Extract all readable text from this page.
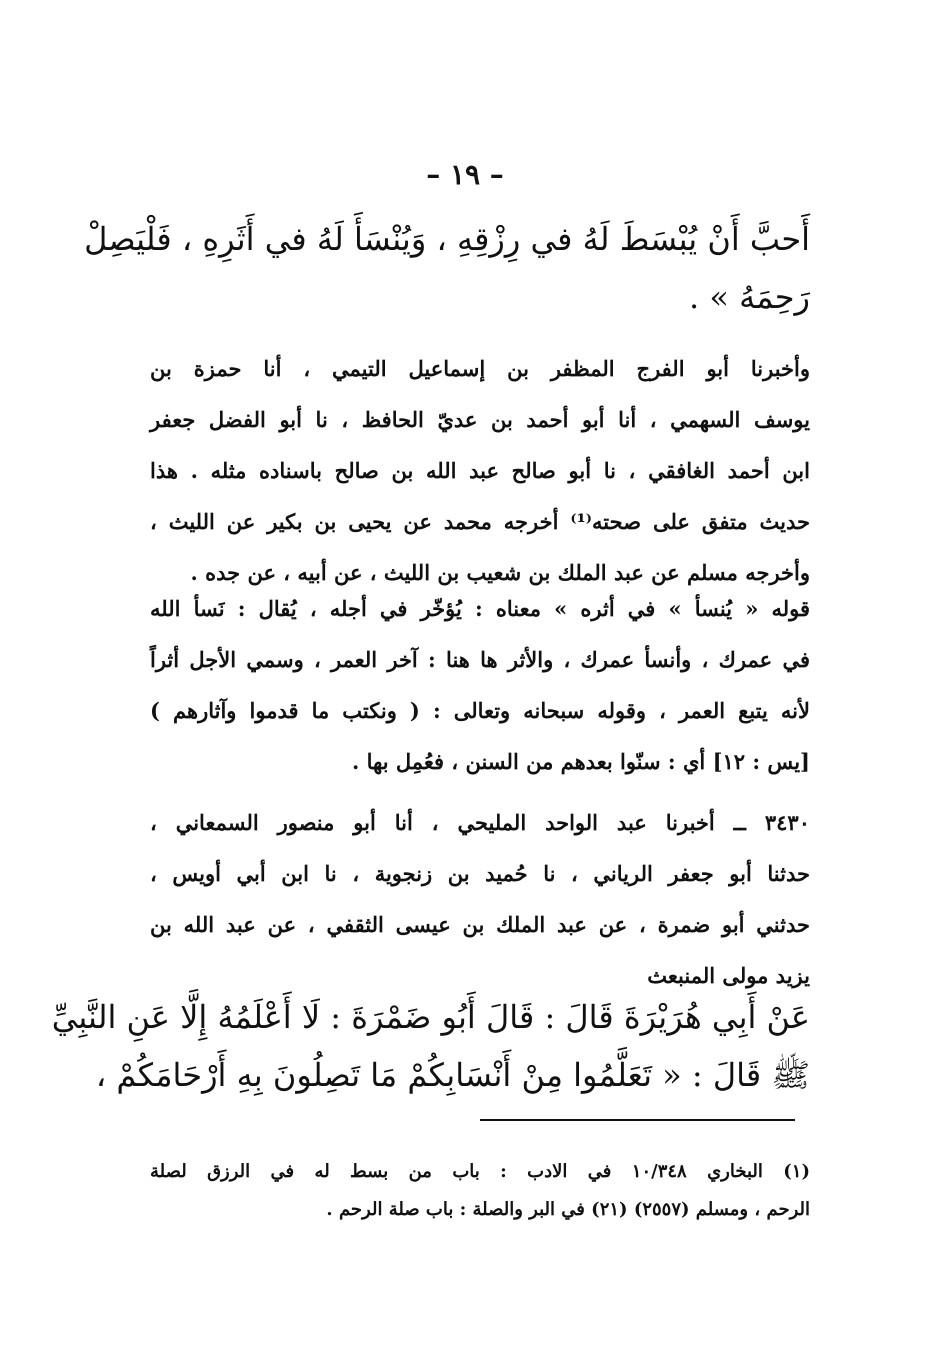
– ١٩ –
أَحبَّ أَنْ يُبْسَطَ لَهُ في رِزْقِهِ ، وَيُنْسَأَ لَهُ في أَثَرِهِ ، فَلْيَصِلْ
رَحِمَهُ » .
وأخبرنا أبو الفرج المظفر بن إسماعيل التيمي ، أنا حمزة بن
يوسف السهمي ، أنا أبو أحمد بن عديّ الحافظ ، نا أبو الفضل جعفر
ابن أحمد الغافقي ، نا أبو صالح عبد الله بن صالح باسناده مثله . هذا
حديث متفق على صحته⁽¹⁾ أخرجه محمد عن يحيى بن بكير عن الليث ،
وأخرجه مسلم عن عبد الملك بن شعيب بن الليث ، عن أبيه ، عن جده .
قوله « يُنسأ » في أثره » معناه : يُؤخّر في أجله ، يُقال : نَسأ الله
في عمرك ، وأنسأ عمرك ، والأثر ها هنا : آخر العمر ، وسمي الأجل أثراً
لأنه يتبع العمر ، وقوله سبحانه وتعالى : ( ونكتب ما قدموا وآثارهم )
[يس : ١٢] أي : سنّوا بعدهم من السنن ، فعُمِل بها .
٣٤٣٠ ــ أخبرنا عبد الواحد المليحي ، أنا أبو منصور السمعاني ،
حدثنا أبو جعفر الرياني ، نا حُميد بن زنجوية ، نا ابن أبي أويس ،
حدثني أبو ضمرة ، عن عبد الملك بن عيسى الثقفي ، عن عبد الله بن
يزيد مولى المنبعث
عَنْ أَبِي هُرَيْرَةَ قَالَ : قَالَ أَبُو ضَمْرَةَ : لَا أَعْلَمُهُ إِلَّا عَنِ النَّبِيِّ
ﷺ قَالَ : « تَعَلَّمُوا مِنْ أَنْسَابِكُمْ مَا تَصِلُونَ بِهِ أَرْحَامَكُمْ ،
(١) البخاري ١٠/٣٤٨ في الادب : باب من بسط له في الرزق لصلة
الرحم ، ومسلم (٢٥٥٧) (٢١) في البر والصلة : باب صلة الرحم .
